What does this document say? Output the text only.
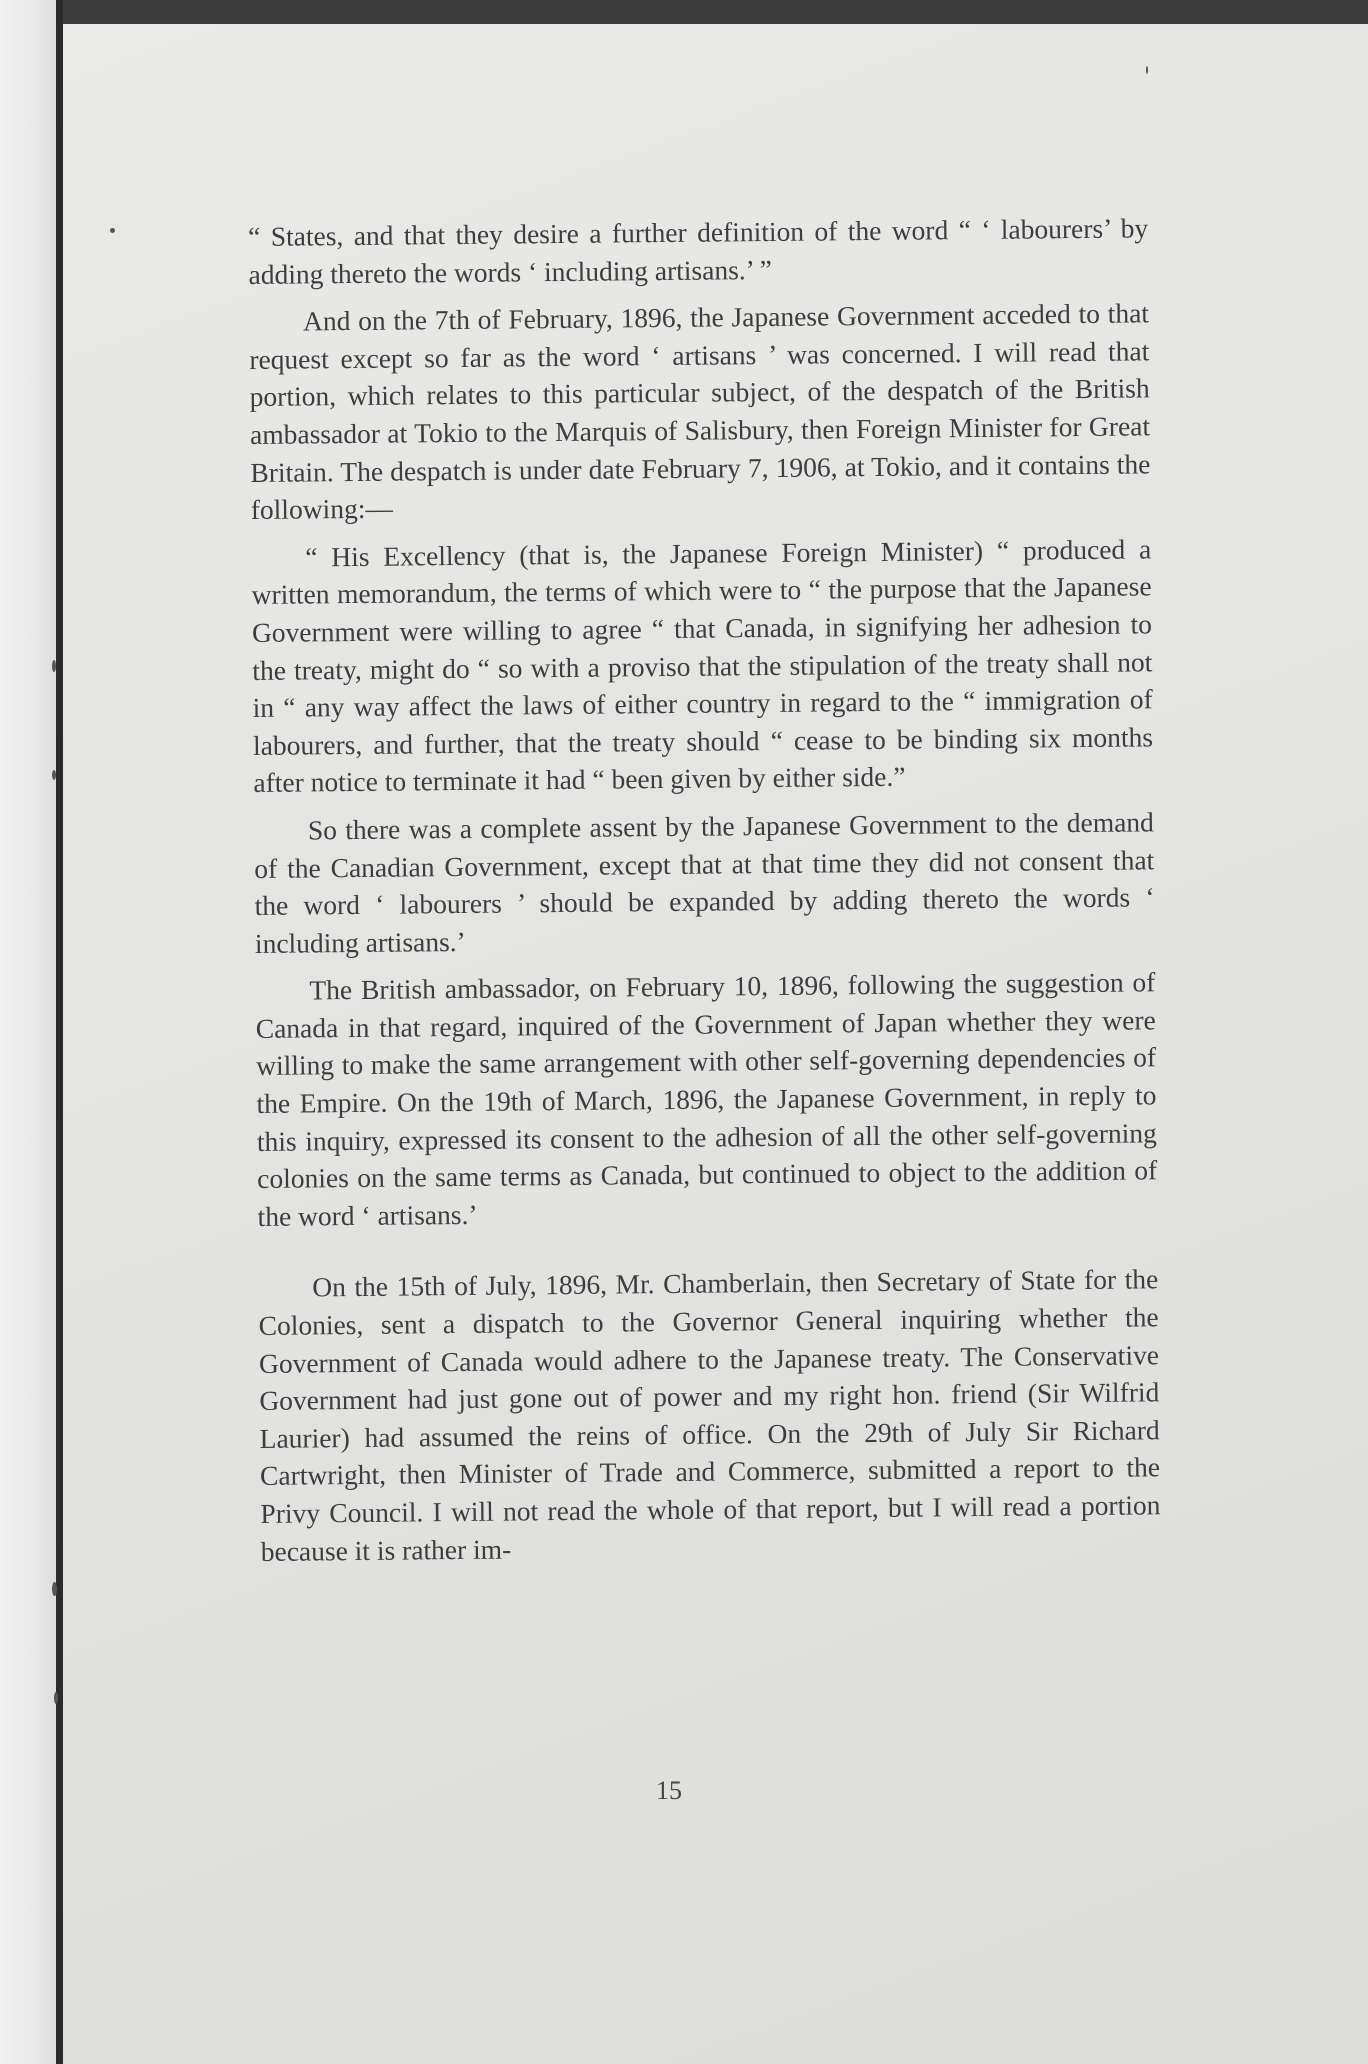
“ States, and that they desire a further definition of the word “ ‘ labourers’ by adding thereto the words ‘ including artisans.’ ”

And on the 7th of February, 1896, the Japanese Government acceded to that request except so far as the word ‘ artisans ’ was concerned. I will read that portion, which relates to this particular subject, of the despatch of the British ambassador at Tokio to the Marquis of Salisbury, then Foreign Minister for Great Britain. The despatch is under date February 7, 1906, at Tokio, and it contains the following:—

“ His Excellency (that is, the Japanese Foreign Minister) “ produced a written memorandum, the terms of which were to “ the purpose that the Japanese Government were willing to agree “ that Canada, in signifying her adhesion to the treaty, might do “ so with a proviso that the stipulation of the treaty shall not in “ any way affect the laws of either country in regard to the “ immigration of labourers, and further, that the treaty should “ cease to be binding six months after notice to terminate it had “ been given by either side.”

So there was a complete assent by the Japanese Government to the demand of the Canadian Government, except that at that time they did not consent that the word ‘ labourers ’ should be expanded by adding thereto the words ‘ including artisans.’

The British ambassador, on February 10, 1896, following the suggestion of Canada in that regard, inquired of the Government of Japan whether they were willing to make the same arrangement with other self-governing dependencies of the Empire. On the 19th of March, 1896, the Japanese Government, in reply to this inquiry, expressed its consent to the adhesion of all the other self-governing colonies on the same terms as Canada, but continued to object to the addition of the word ‘ artisans.’

On the 15th of July, 1896, Mr. Chamberlain, then Secretary of State for the Colonies, sent a dispatch to the Governor General inquiring whether the Government of Canada would adhere to the Japanese treaty. The Conservative Government had just gone out of power and my right hon. friend (Sir Wilfrid Laurier) had assumed the reins of office. On the 29th of July Sir Richard Cartwright, then Minister of Trade and Commerce, submitted a report to the Privy Council. I will not read the whole of that report, but I will read a portion because it is rather im-

15
